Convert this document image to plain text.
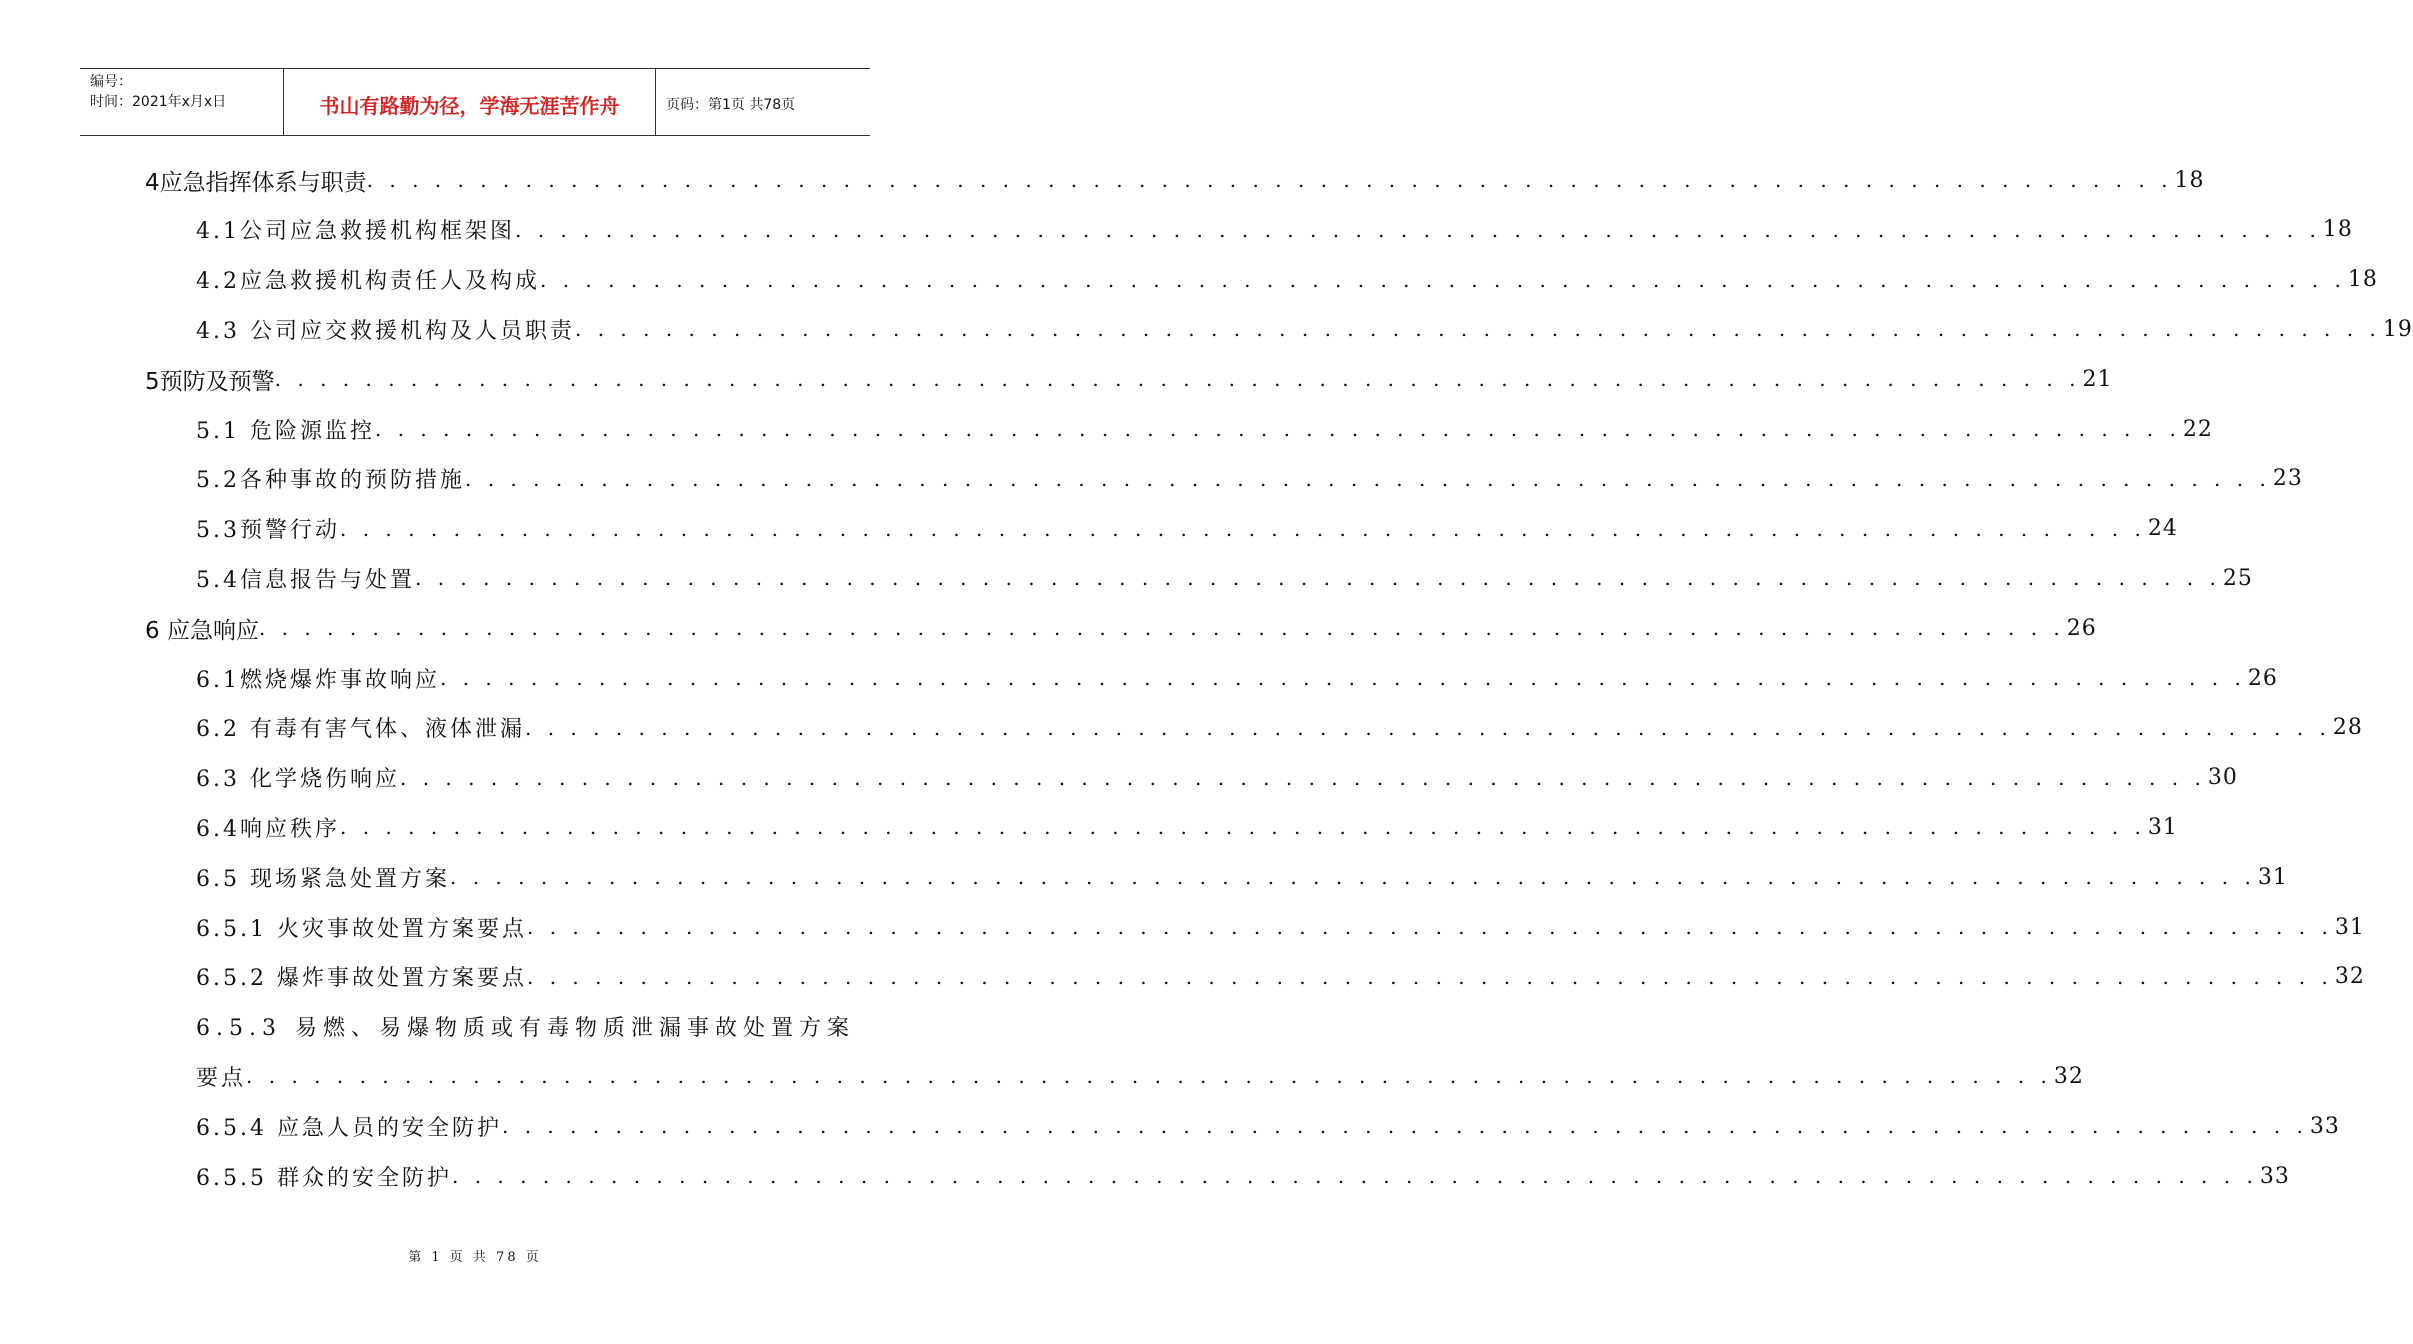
编号：
时间：2021年x月x日	书山有路勤为径，学海无涯苦作舟	页码：第1页 共78页
4应急指挥体系与职责 . . . . . . . . . . . . . . . . . . . . . . . . . . . . . . . . . . . . . . . . . . . . . . . . . . . . . . . . . . . . . . . . . . . . . . . . . . . . . . . . 18
4.1公司应急救援机构框架图 . . . . . . . . . . . . . . . . . . . . . . . . . . . . . . . . . . . . . . . . . . . . . . . . . . . . . . . . . . . . . . . . . . . . . . . . . . . . . . . . 18
4.2应急救援机构责任人及构成 . . . . . . . . . . . . . . . . . . . . . . . . . . . . . . . . . . . . . . . . . . . . . . . . . . . . . . . . . . . . . . . . . . . . . . . . . . . . . . . . 18
4.3 公司应交救援机构及人员职责 . . . . . . . . . . . . . . . . . . . . . . . . . . . . . . . . . . . . . . . . . . . . . . . . . . . . . . . . . . . . . . . . . . . . . . . . . . . . . . . . 19
5预防及预警 . . . . . . . . . . . . . . . . . . . . . . . . . . . . . . . . . . . . . . . . . . . . . . . . . . . . . . . . . . . . . . . . . . . . . . . . . . . . . . . . 21
5.1 危险源监控 . . . . . . . . . . . . . . . . . . . . . . . . . . . . . . . . . . . . . . . . . . . . . . . . . . . . . . . . . . . . . . . . . . . . . . . . . . . . . . . . 22
5.2各种事故的预防措施 . . . . . . . . . . . . . . . . . . . . . . . . . . . . . . . . . . . . . . . . . . . . . . . . . . . . . . . . . . . . . . . . . . . . . . . . . . . . . . . . 23
5.3预警行动 . . . . . . . . . . . . . . . . . . . . . . . . . . . . . . . . . . . . . . . . . . . . . . . . . . . . . . . . . . . . . . . . . . . . . . . . . . . . . . . . 24
5.4信息报告与处置 . . . . . . . . . . . . . . . . . . . . . . . . . . . . . . . . . . . . . . . . . . . . . . . . . . . . . . . . . . . . . . . . . . . . . . . . . . . . . . . . 25
6 应急响应 . . . . . . . . . . . . . . . . . . . . . . . . . . . . . . . . . . . . . . . . . . . . . . . . . . . . . . . . . . . . . . . . . . . . . . . . . . . . . . . . 26
6.1燃烧爆炸事故响应 . . . . . . . . . . . . . . . . . . . . . . . . . . . . . . . . . . . . . . . . . . . . . . . . . . . . . . . . . . . . . . . . . . . . . . . . . . . . . . . . 26
6.2 有毒有害气体、液体泄漏 . . . . . . . . . . . . . . . . . . . . . . . . . . . . . . . . . . . . . . . . . . . . . . . . . . . . . . . . . . . . . . . . . . . . . . . . . . . . . . . . 28
6.3 化学烧伤响应 . . . . . . . . . . . . . . . . . . . . . . . . . . . . . . . . . . . . . . . . . . . . . . . . . . . . . . . . . . . . . . . . . . . . . . . . . . . . . . . . 30
6.4响应秩序 . . . . . . . . . . . . . . . . . . . . . . . . . . . . . . . . . . . . . . . . . . . . . . . . . . . . . . . . . . . . . . . . . . . . . . . . . . . . . . . . 31
6.5 现场紧急处置方案 . . . . . . . . . . . . . . . . . . . . . . . . . . . . . . . . . . . . . . . . . . . . . . . . . . . . . . . . . . . . . . . . . . . . . . . . . . . . . . . . 31
6.5.1 火灾事故处置方案要点 . . . . . . . . . . . . . . . . . . . . . . . . . . . . . . . . . . . . . . . . . . . . . . . . . . . . . . . . . . . . . . . . . . . . . . . . . . . . . . . . 31
6.5.2 爆炸事故处置方案要点 . . . . . . . . . . . . . . . . . . . . . . . . . . . . . . . . . . . . . . . . . . . . . . . . . . . . . . . . . . . . . . . . . . . . . . . . . . . . . . . . 32
6.5.3 易燃、易爆物质或有毒物质泄漏事故处置方案
要点 . . . . . . . . . . . . . . . . . . . . . . . . . . . . . . . . . . . . . . . . . . . . . . . . . . . . . . . . . . . . . . . . . . . . . . . . . . . . . . . . 32
6.5.4 应急人员的安全防护 . . . . . . . . . . . . . . . . . . . . . . . . . . . . . . . . . . . . . . . . . . . . . . . . . . . . . . . . . . . . . . . . . . . . . . . . . . . . . . . . 33
6.5.5 群众的安全防护 . . . . . . . . . . . . . . . . . . . . . . . . . . . . . . . . . . . . . . . . . . . . . . . . . . . . . . . . . . . . . . . . . . . . . . . . . . . . . . . . 33
第 1 页 共 78 页
